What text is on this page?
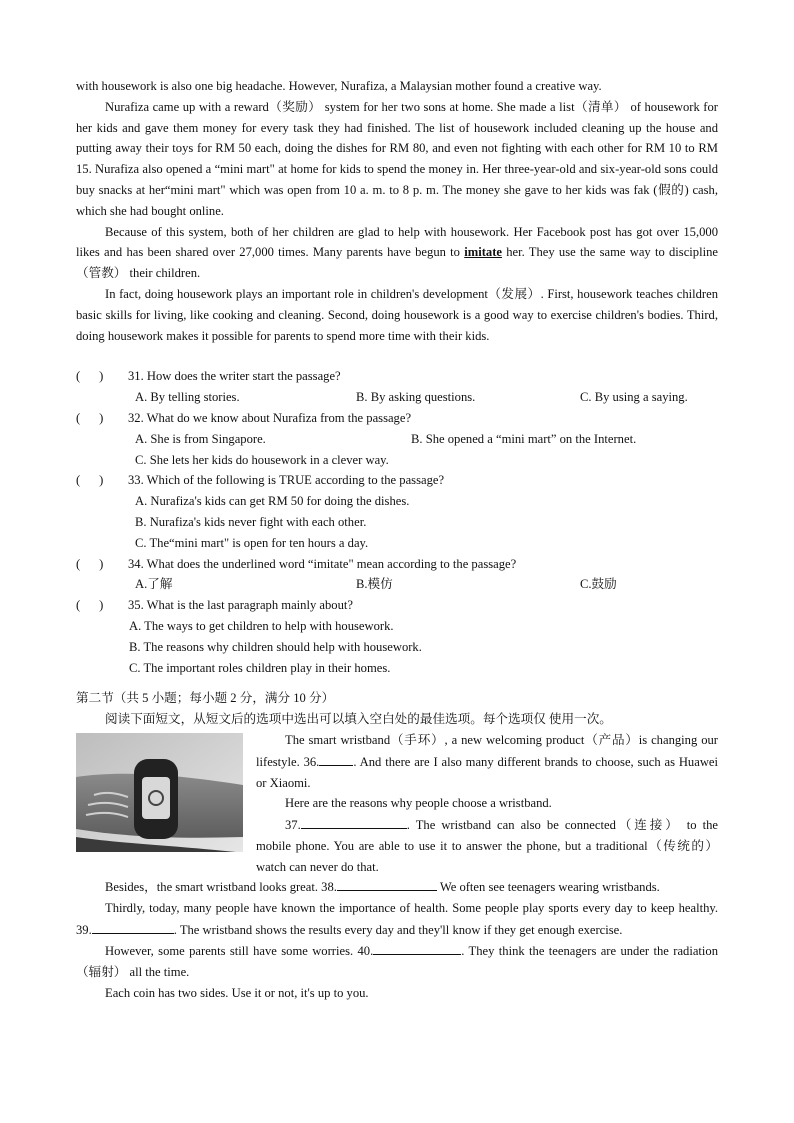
with housework is also one big headache. However, Nurafiza, a Malaysian mother found a creative way.

Nurafiza came up with a reward（奖励） system for her two sons at home. She made a list（清单） of housework for her kids and gave them money for every task they had finished. The list of housework included cleaning up the house and putting away their toys for RM 50 each, doing the dishes for RM 80, and even not fighting with each other for RM 10 to RM 15. Nurafiza also opened a “mini mart" at home for kids to spend the money in. Her three-year-old and six-year-old sons could buy snacks at her“mini mart" which was open from 10 a. m. to 8 p. m. The money she gave to her kids was fak (假的) cash, which she had bought online.

Because of this system, both of her children are glad to help with housework. Her Facebook post has got over 15,000 likes and has been shared over 27,000 times. Many parents have begun to imitate her. They use the same way to discipline （管教） their children.

In fact, doing housework plays an important role in children's development（发展）. First, housework teaches children basic skills for living, like cooking and cleaning. Second, doing housework is a good way to exercise children's bodies. Third, doing housework makes it possible for parents to spend more time with their kids.

(      )	31. How does the writer start the passage?
A. By telling stories.	B. By asking questions.	C. By using a saying.
(      )	32. What do we know about Nurafiza from the passage?
A. She is from Singapore.	B. She opened a “mini mart” on the Internet.
C. She lets her kids do housework in a clever way.
(      )	33. Which of the following is TRUE according to the passage?
A. Nurafiza's kids can get RM 50 for doing the dishes.
B. Nurafiza's kids never fight with each other.
C. The“mini mart" is open for ten hours a day.
(      )	34. What does the underlined word “imitate" mean according to the passage?
A.了解	B.模仿	C.鼓励
(      )	35. What is the last paragraph mainly about?
A. The ways to get children to help with housework.
B. The reasons why children should help with housework.
C. The important roles children play in their homes.

第二节（共 5 小题；每小题 2 分，满分 10 分）

阅读下面短文，从短文后的选项中选出可以填入空白处的最佳选项。每个选项仅 使用一次。

The smart wristband（手环）, a new welcoming product（产品）is changing our lifestyle. 36.	. And there are I also many different brands to choose, such as Huawei or Xiaomi.

Here are the reasons why people choose a wristband.

37.	. The wristband can also be connected（连接） to the mobile phone. You are able to use it to answer the phone, but a traditional（传统的） watch can never do that.

Besides，the smart wristband looks great. 38.	We often see teenagers wearing wristbands.

Thirdly, today, many people have known the importance of health. Some people play sports every day to keep healthy. 39.	. The wristband shows the results every day and they'll know if they get enough exercise.

However, some parents still have some worries. 40.	. They think the teenagers are under the radiation （辐射） all the time.

Each coin has two sides. Use it or not, it's up to you.
